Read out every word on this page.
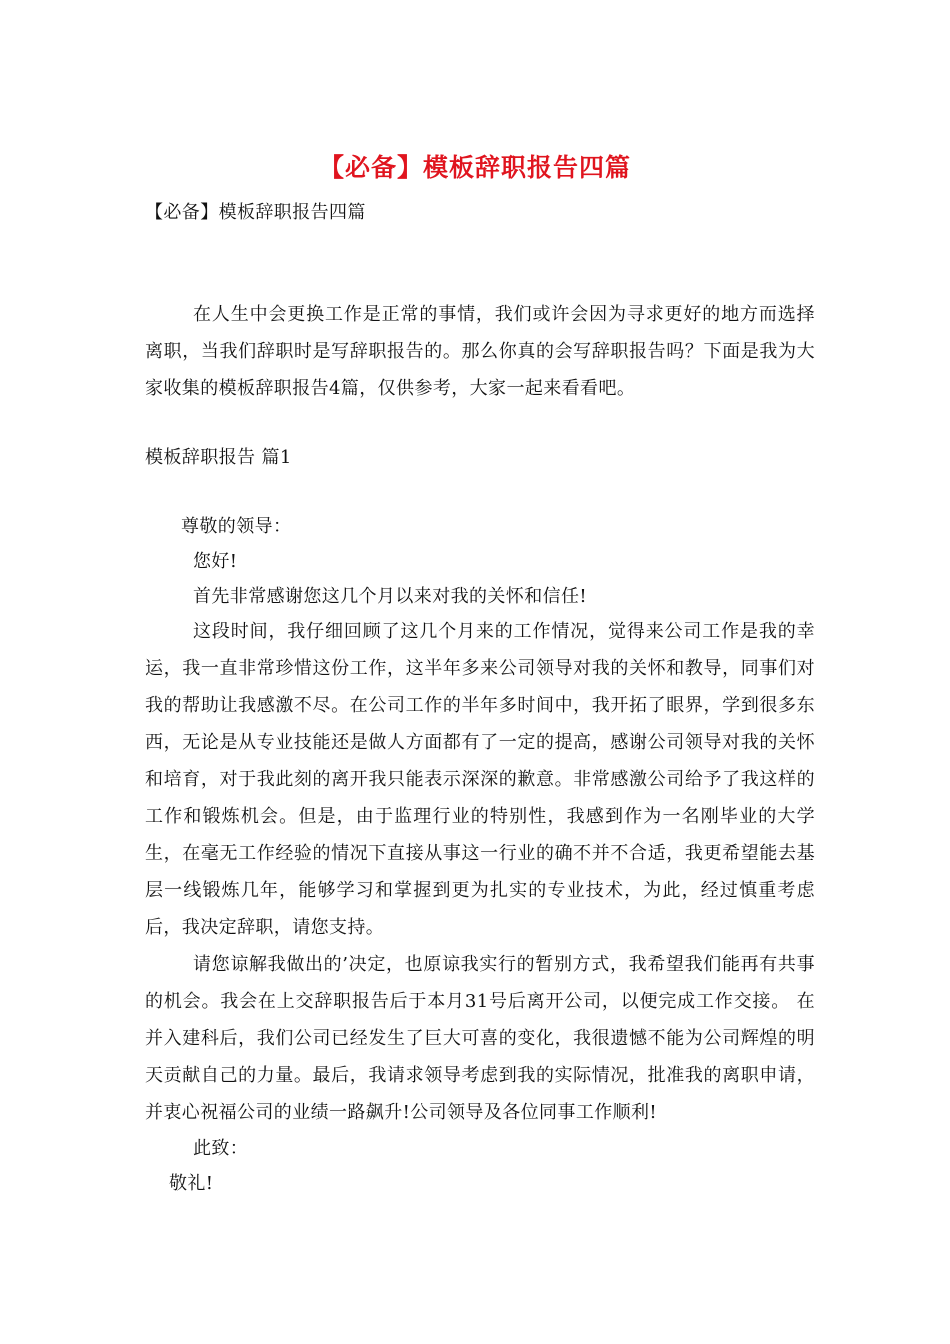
【必备】模板辞职报告四篇

【必备】模板辞职报告四篇

在人生中会更换工作是正常的事情，我们或许会因为寻求更好的地方而选择离职，当我们辞职时是写辞职报告的。那么你真的会写辞职报告吗？下面是我为大家收集的模板辞职报告4篇，仅供参考，大家一起来看看吧。

模板辞职报告 篇1

尊敬的领导：

您好!

首先非常感谢您这几个月以来对我的关怀和信任!

这段时间，我仔细回顾了这几个月来的工作情况，觉得来公司工作是我的幸运，我一直非常珍惜这份工作，这半年多来公司领导对我的关怀和教导，同事们对我的帮助让我感激不尽。在公司工作的半年多时间中，我开拓了眼界，学到很多东西，无论是从专业技能还是做人方面都有了一定的提高，感谢公司领导对我的关怀和培育，对于我此刻的离开我只能表示深深的歉意。非常感激公司给予了我这样的工作和锻炼机会。但是，由于监理行业的特别性，我感到作为一名刚毕业的大学生，在毫无工作经验的情况下直接从事这一行业的确不并不合适，我更希望能去基层一线锻炼几年，能够学习和掌握到更为扎实的专业技术，为此，经过慎重考虑后，我决定辞职，请您支持。

请您谅解我做出的’决定，也原谅我实行的暂别方式，我希望我们能再有共事的机会。我会在上交辞职报告后于本月31号后离开公司，以便完成工作交接。 在并入建科后，我们公司已经发生了巨大可喜的变化，我很遗憾不能为公司辉煌的明天贡献自己的力量。最后，我请求领导考虑到我的实际情况，批准我的离职申请，并衷心祝福公司的业绩一路飙升!公司领导及各位同事工作顺利!

此致：

敬礼!
